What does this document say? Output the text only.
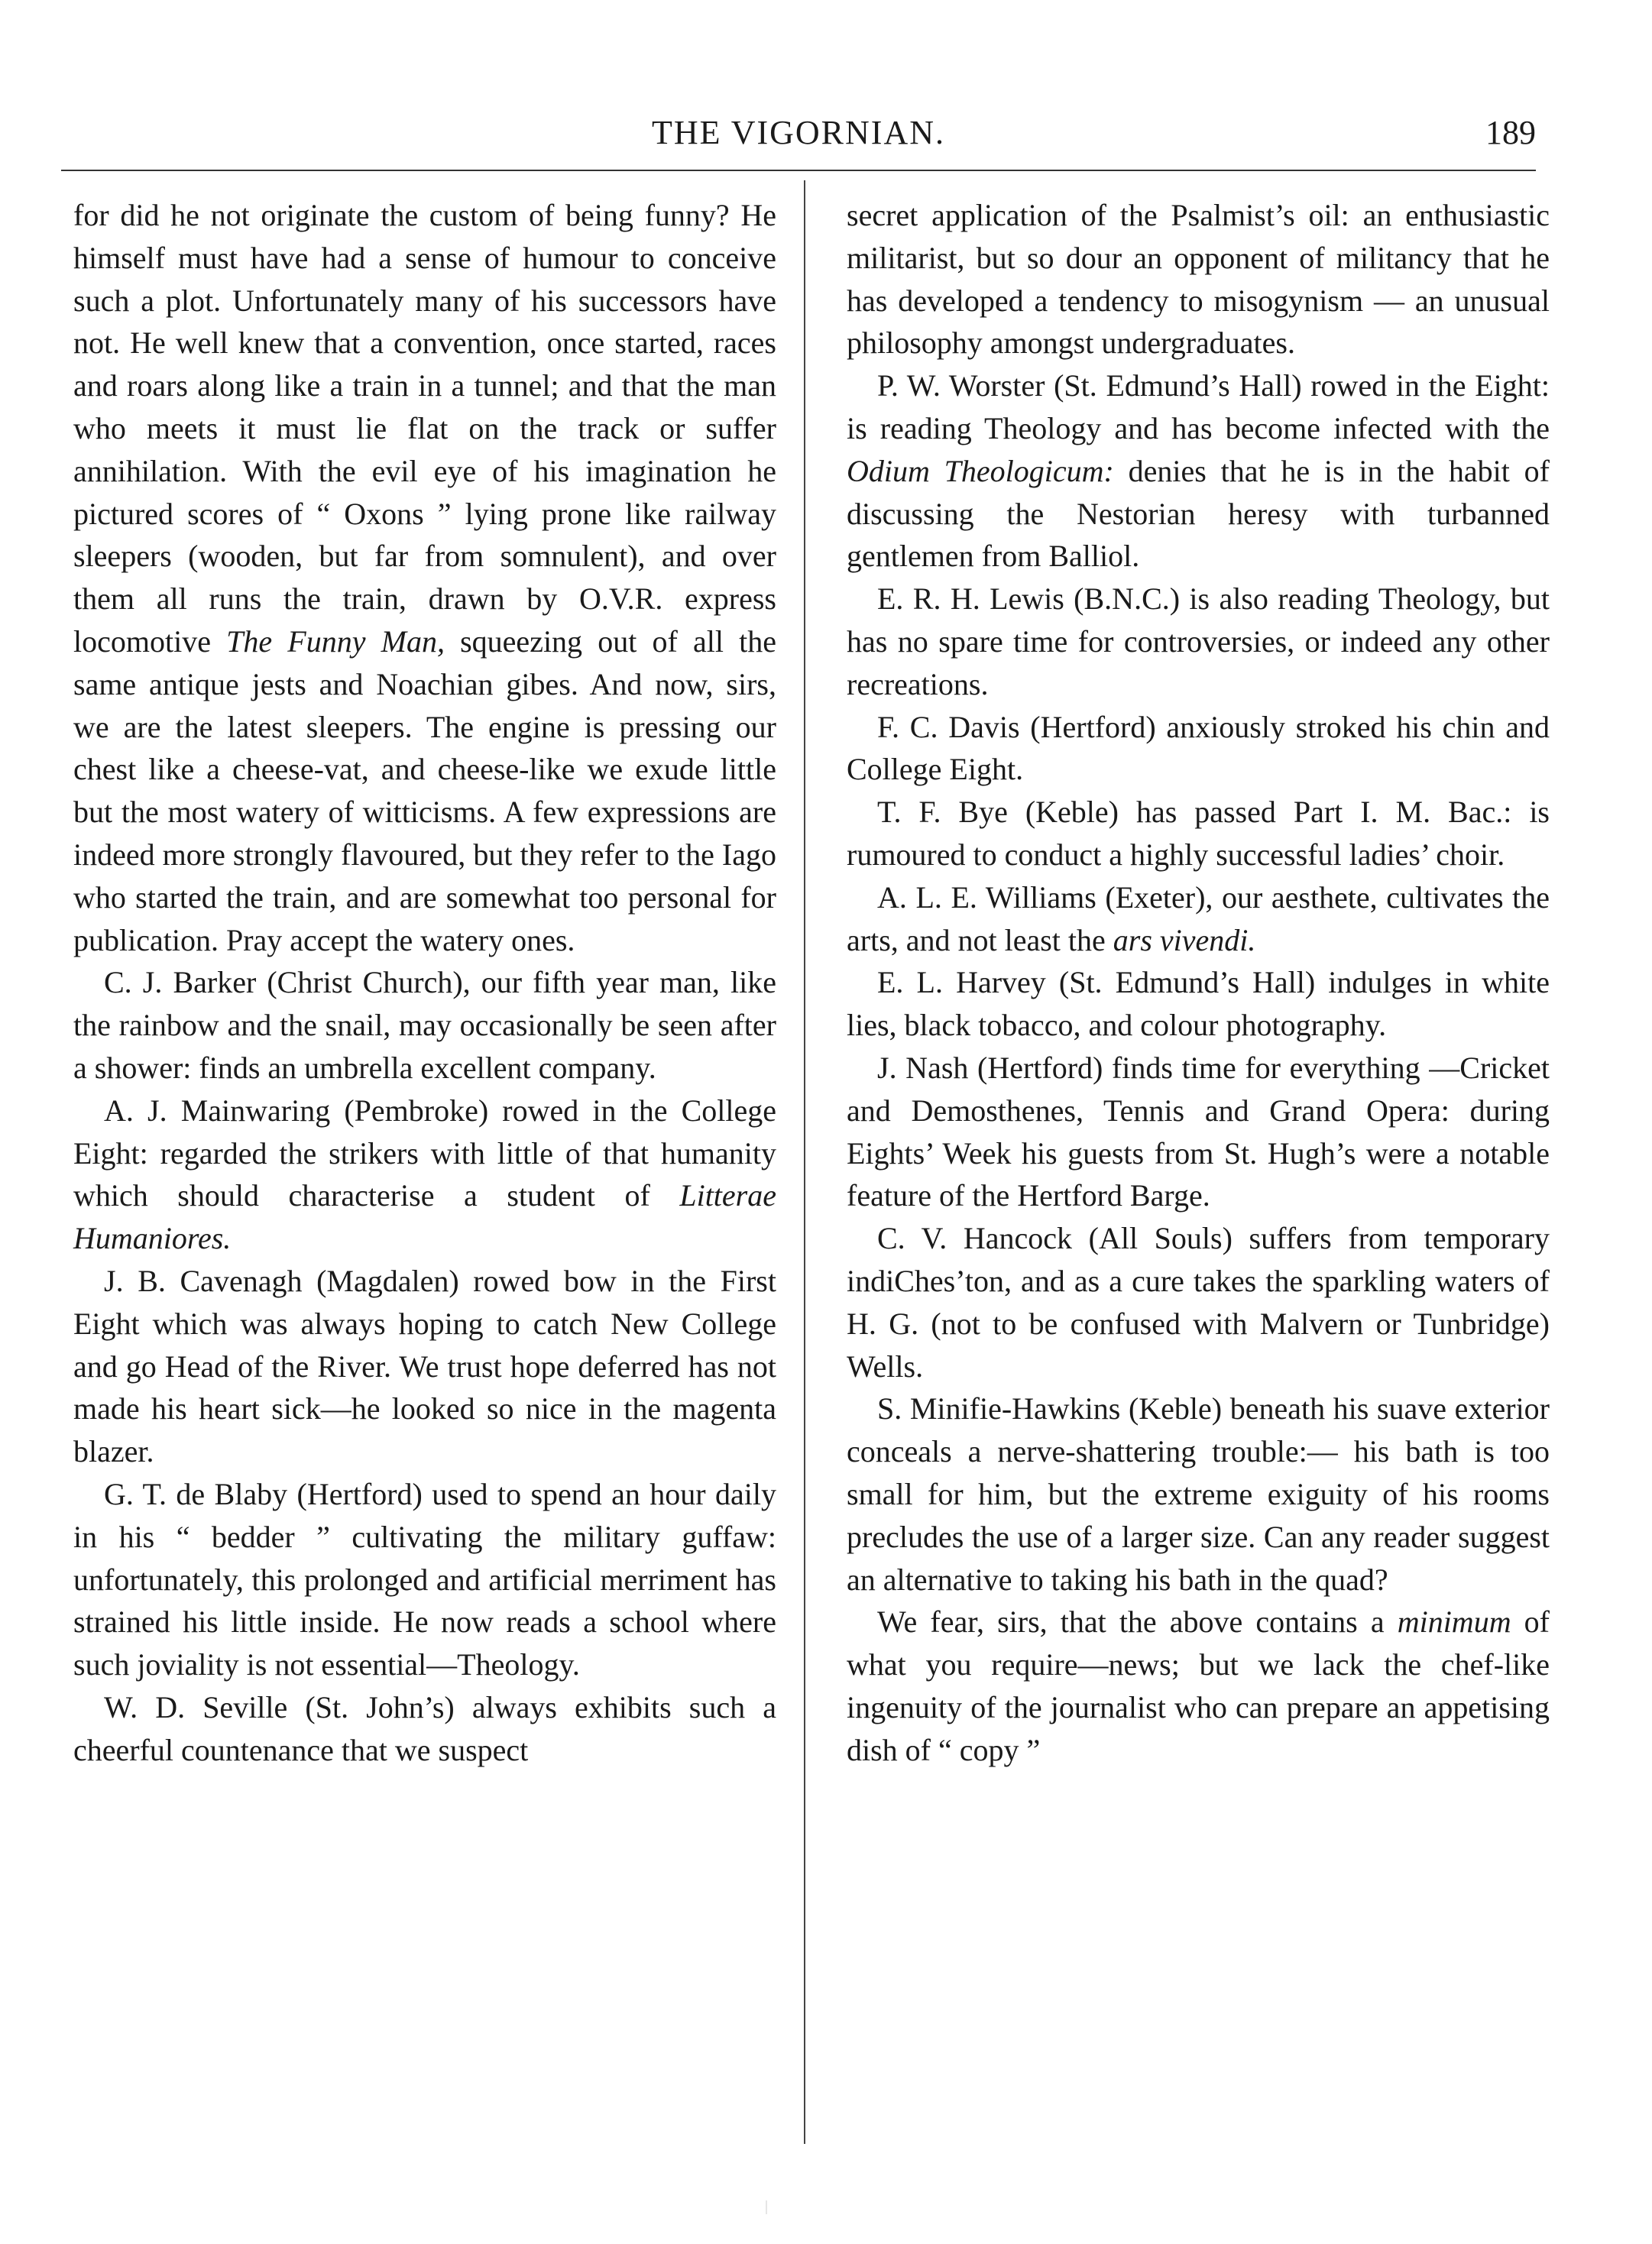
THE VIGORNIAN.	189

for did he not originate the custom of being funny? He himself must have had a sense of humour to conceive such a plot. Unfortunately many of his successors have not. He well knew that a convention, once started, races and roars along like a train in a tunnel; and that the man who meets it must lie flat on the track or suffer annihilation. With the evil eye of his imagination he pictured scores of “ Oxons ” lying prone like railway sleepers (wooden, but far from somnulent), and over them all runs the train, drawn by O.V.R. express locomotive The Funny Man, squeezing out of all the same antique jests and Noachian gibes. And now, sirs, we are the latest sleepers. The engine is pressing our chest like a cheese-vat, and cheese-like we exude little but the most watery of witticisms. A few expressions are indeed more strongly flavoured, but they refer to the Iago who started the train, and are somewhat too personal for publication. Pray accept the watery ones.

C. J. Barker (Christ Church), our fifth year man, like the rainbow and the snail, may occasionally be seen after a shower: finds an umbrella excellent company.

A. J. Mainwaring (Pembroke) rowed in the College Eight: regarded the strikers with little of that humanity which should characterise a student of Litterae Humaniores.

J. B. Cavenagh (Magdalen) rowed bow in the First Eight which was always hoping to catch New College and go Head of the River. We trust hope deferred has not made his heart sick—he looked so nice in the magenta blazer.

G. T. de Blaby (Hertford) used to spend an hour daily in his “ bedder ” cultivating the military guffaw: unfortunately, this prolonged and artificial merriment has strained his little inside. He now reads a school where such joviality is not essential—Theology.

W. D. Seville (St. John’s) always exhibits such a cheerful countenance that we suspect

secret application of the Psalmist’s oil: an enthusiastic militarist, but so dour an opponent of militancy that he has developed a tendency to misogynism — an unusual philosophy amongst undergraduates.

P. W. Worster (St. Edmund’s Hall) rowed in the Eight: is reading Theology and has become infected with the Odium Theologicum: denies that he is in the habit of discussing the Nestorian heresy with turbanned gentlemen from Balliol.

E. R. H. Lewis (B.N.C.) is also reading Theology, but has no spare time for controversies, or indeed any other recreations.

F. C. Davis (Hertford) anxiously stroked his chin and College Eight.

T. F. Bye (Keble) has passed Part I. M. Bac.: is rumoured to conduct a highly successful ladies’ choir.

A. L. E. Williams (Exeter), our aesthete, cultivates the arts, and not least the ars vivendi.

E. L. Harvey (St. Edmund’s Hall) indulges in white lies, black tobacco, and colour photography.

J. Nash (Hertford) finds time for everything —Cricket and Demosthenes, Tennis and Grand Opera: during Eights’ Week his guests from St. Hugh’s were a notable feature of the Hertford Barge.

C. V. Hancock (All Souls) suffers from temporary indiChes’ton, and as a cure takes the sparkling waters of H. G. (not to be confused with Malvern or Tunbridge) Wells.

S. Minifie-Hawkins (Keble) beneath his suave exterior conceals a nerve-shattering trouble:— his bath is too small for him, but the extreme exiguity of his rooms precludes the use of a larger size. Can any reader suggest an alternative to taking his bath in the quad?

We fear, sirs, that the above contains a minimum of what you require—news; but we lack the chef-like ingenuity of the journalist who can prepare an appetising dish of “ copy ”
